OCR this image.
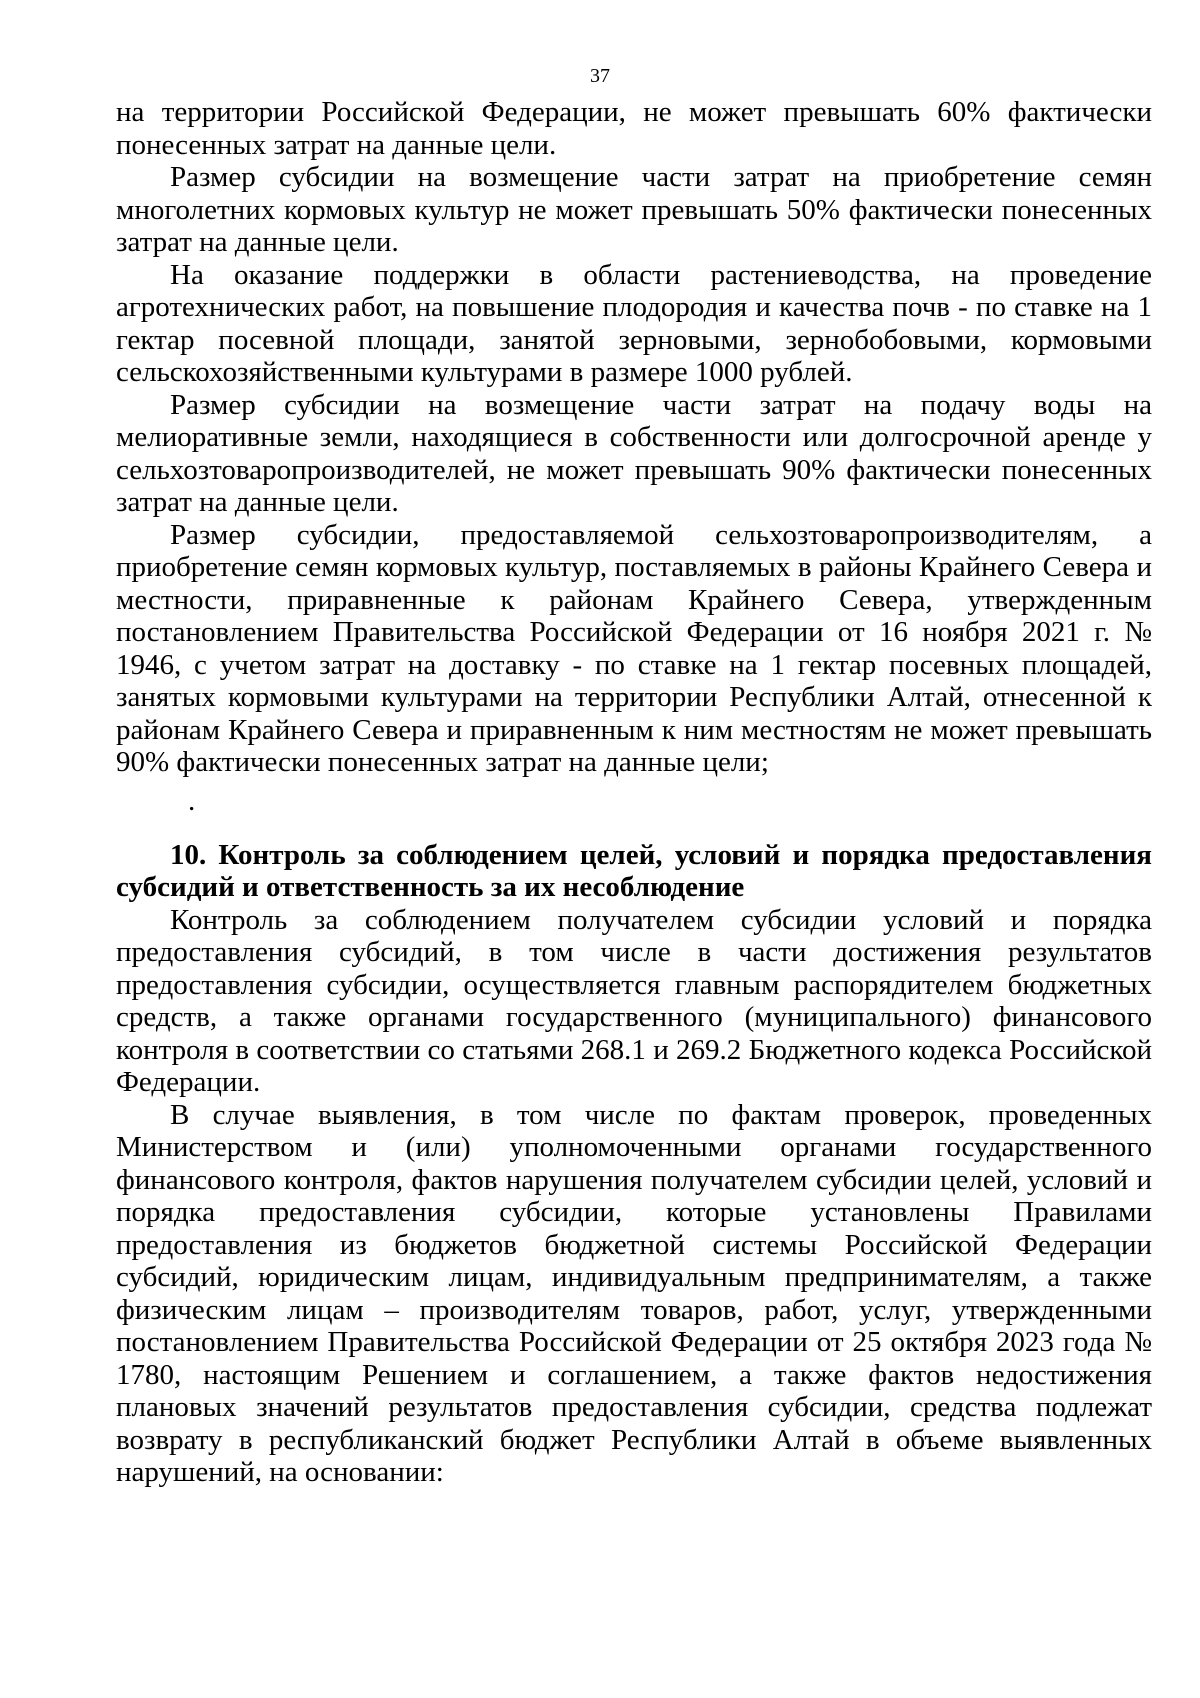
37

на территории Российской Федерации, не может превышать 60% фактически понесенных затрат на данные цели.

Размер субсидии на возмещение части затрат на приобретение семян многолетних кормовых культур не может превышать 50% фактически понесенных затрат на данные цели.

На оказание поддержки в области растениеводства, на проведение агротехнических работ, на повышение плодородия и качества почв - по ставке на 1 гектар посевной площади, занятой зерновыми, зернобобовыми, кормовыми сельскохозяйственными культурами в размере 1000 рублей.

Размер субсидии на возмещение части затрат на подачу воды на мелиоративные земли, находящиеся в собственности или долгосрочной аренде у сельхозтоваропроизводителей, не может превышать 90% фактически понесенных затрат на данные цели.

Размер субсидии, предоставляемой сельхозтоваропроизводителям, а приобретение семян кормовых культур, поставляемых в районы Крайнего Севера и местности, приравненные к районам Крайнего Севера, утвержденным постановлением Правительства Российской Федерации от 16 ноября 2021 г. № 1946, с учетом затрат на доставку - по ставке на 1 гектар посевных площадей, занятых кормовыми культурами на территории Республики Алтай, отнесенной к районам Крайнего Севера и приравненным к ним местностям не может превышать 90% фактически понесенных затрат на данные цели;

.

10. Контроль за соблюдением целей, условий и порядка предоставления субсидий и ответственность за их несоблюдение

Контроль за соблюдением получателем субсидии условий и порядка предоставления субсидий, в том числе в части достижения результатов предоставления субсидии, осуществляется главным распорядителем бюджетных средств, а также органами государственного (муниципального) финансового контроля в соответствии со статьями 268.1 и 269.2 Бюджетного кодекса Российской Федерации.

В случае выявления, в том числе по фактам проверок, проведенных Министерством и (или) уполномоченными органами государственного финансового контроля, фактов нарушения получателем субсидии целей, условий и порядка предоставления субсидии, которые установлены Правилами предоставления из бюджетов бюджетной системы Российской Федерации субсидий, юридическим лицам, индивидуальным предпринимателям, а также физическим лицам – производителям товаров, работ, услуг, утвержденными постановлением Правительства Российской Федерации от 25 октября 2023 года № 1780, настоящим Решением и соглашением, а также фактов недостижения плановых значений результатов предоставления субсидии, средства подлежат возврату в республиканский бюджет Республики Алтай в объеме выявленных нарушений, на основании:
